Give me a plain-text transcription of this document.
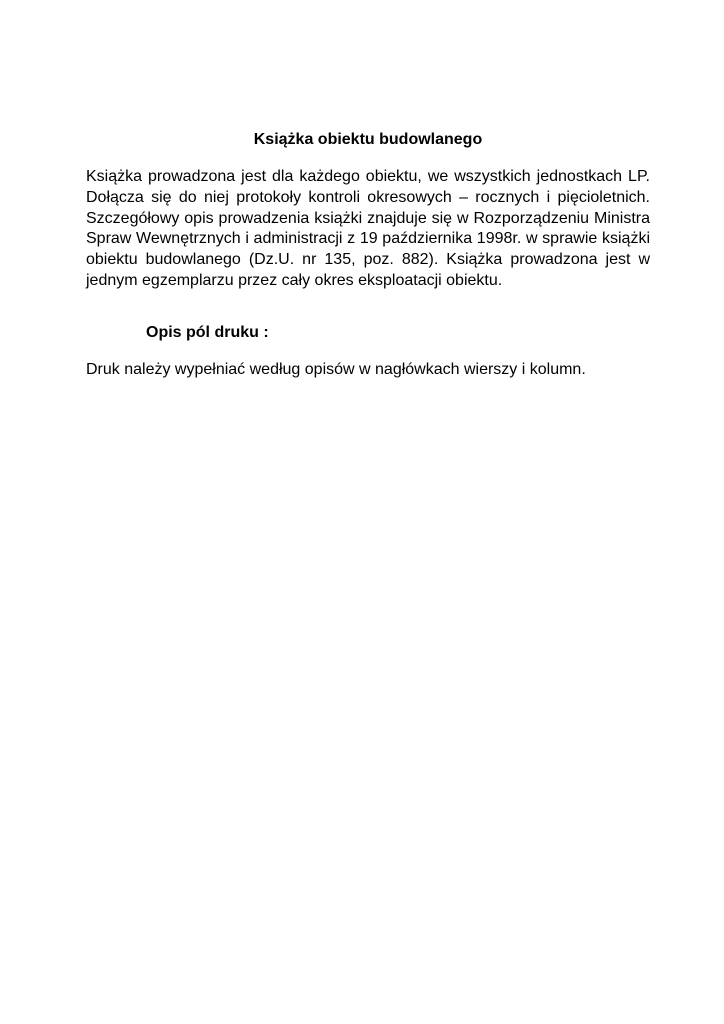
Książka obiektu budowlanego

Książka prowadzona jest dla każdego obiektu, we wszystkich jednostkach LP. Dołącza się do niej protokoły kontroli okresowych – rocznych i pięcioletnich. Szczegółowy opis prowadzenia książki znajduje się w Rozporządzeniu Ministra Spraw Wewnętrznych i administracji z 19 października 1998r. w sprawie książki obiektu budowlanego (Dz.U. nr 135, poz. 882). Książka prowadzona jest w jednym egzemplarzu przez cały okres eksploatacji obiektu.

Opis pól druku :

Druk należy wypełniać według opisów w nagłówkach wierszy i kolumn.
